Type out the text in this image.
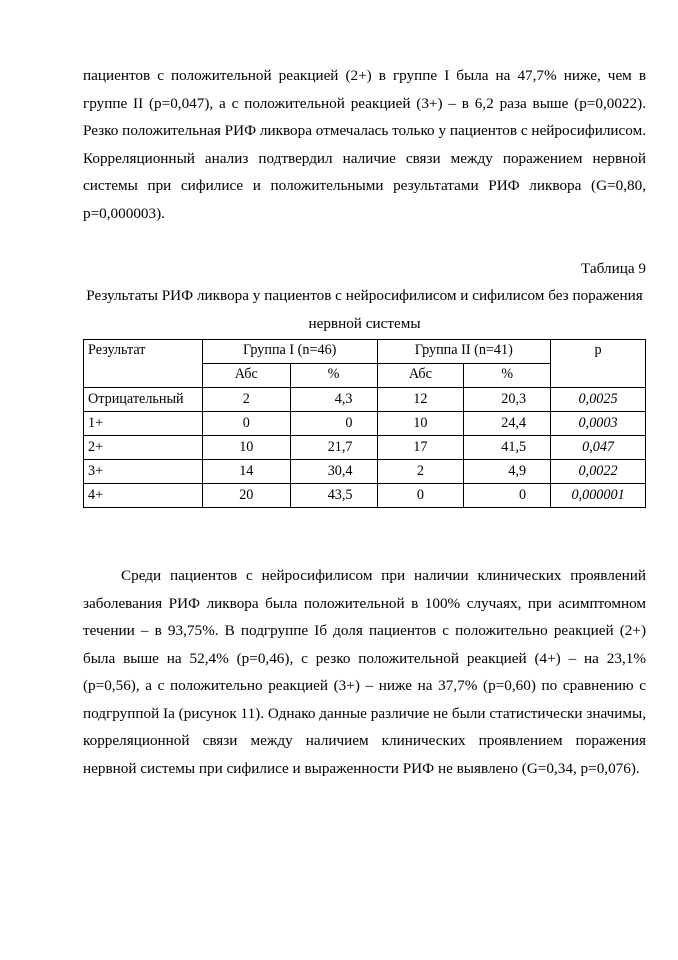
пациентов с положительной реакцией (2+) в группе I была на 47,7% ниже, чем в группе II (р=0,047), а с положительной реакцией (3+) – в 6,2 раза выше (р=0,0022). Резко положительная РИФ ликвора отмечалась только у пациентов с нейросифилисом. Корреляционный анализ подтвердил наличие связи между поражением нервной системы при сифилисе и положительными результатами РИФ ликвора (G=0,80, р=0,000003).

Таблица 9

Результаты РИФ ликвора у пациентов с нейросифилисом и сифилисом без поражения нервной системы

Результат	Группа I (n=46)		Группа II (n=41)		р
	Абс	%	Абс	%	
Отрицательный	2	4,3	12	20,3	0,0025
1+	0	0	10	24,4	0,0003
2+	10	21,7	17	41,5	0,047
3+	14	30,4	2	4,9	0,0022
4+	20	43,5	0	0	0,000001

Среди пациентов с нейросифилисом при наличии клинических проявлений заболевания РИФ ликвора была положительной в 100% случаях, при асимптомном течении – в 93,75%. В подгруппе Iб доля пациентов с положительно реакцией (2+) была выше на 52,4% (р=0,46), с резко положительной реакцией (4+) – на 23,1% (р=0,56), а с положительно реакцией (3+) – ниже на 37,7% (р=0,60) по сравнению с подгруппой Iа (рисунок 11). Однако данные различие не были статистически значимы, корреляционной связи между наличием клинических проявлением поражения нервной системы при сифилисе и выраженности РИФ не выявлено (G=0,34, р=0,076).
